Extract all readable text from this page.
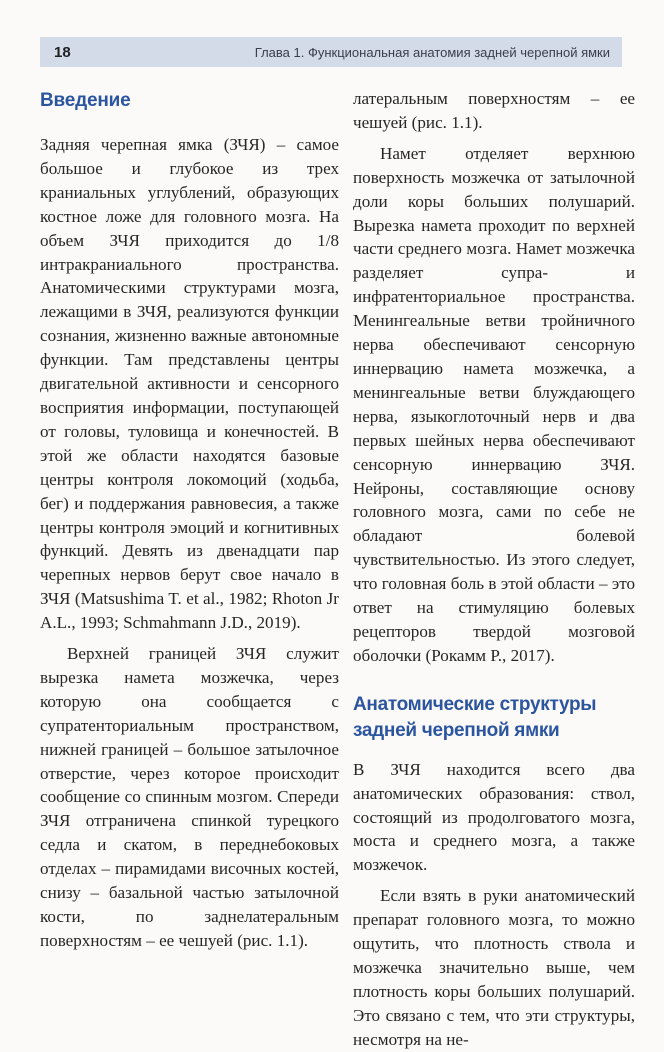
18	Глава 1. Функциональная анатомия задней черепной ямки
Введение

Задняя черепная ямка (ЗЧЯ) – самое большое и глубокое из трех краниальных углублений, образующих костное ложе для головного мозга. На объем ЗЧЯ приходится до 1/8 интракраниального пространства. Анатомическими структурами мозга, лежащими в ЗЧЯ, реализуются функции сознания, жизненно важные автономные функции. Там представлены центры двигательной активности и сенсорного восприятия информации, поступающей от головы, туловища и конечностей. В этой же области находятся базовые центры контроля локомоций (ходьба, бег) и поддержания равновесия, а также центры контроля эмоций и когнитивных функций. Девять из двенадцати пар черепных нервов берут свое начало в ЗЧЯ (Matsushima T. et al., 1982; Rhoton Jr A.L., 1993; Schmahmann J.D., 2019).

Верхней границей ЗЧЯ служит вырезка намета мозжечка, через которую она сообщается с супратенториальным пространством, нижней границей – большое затылочное отверстие, через которое происходит сообщение со спинным мозгом. Спереди ЗЧЯ отграничена спинкой турецкого седла и скатом, в переднебоковых отделах – пирамидами височных костей, снизу – базальной частью затылочной кости, по заднелатеральным поверхностям – ее чешуей (рис. 1.1).

латеральным поверхностям – ее чешуей (рис. 1.1).

Намет отделяет верхнюю поверхность мозжечка от затылочной доли коры больших полушарий. Вырезка намета проходит по верхней части среднего мозга. Намет мозжечка разделяет супра- и инфратенториальное пространства. Менингеальные ветви тройничного нерва обеспечивают сенсорную иннервацию намета мозжечка, а менингеальные ветви блуждающего нерва, языкоглоточный нерв и два первых шейных нерва обеспечивают сенсорную иннервацию ЗЧЯ. Нейроны, составляющие основу головного мозга, сами по себе не обладают болевой чувствительностью. Из этого следует, что головная боль в этой области – это ответ на стимуляцию болевых рецепторов твердой мозговой оболочки (Рокамм Р., 2017).

Анатомические структуры задней черепной ямки

В ЗЧЯ находится всего два анатомических образования: ствол, состоящий из продолговатого мозга, моста и среднего мозга, а также мозжечок.

Если взять в руки анатомический препарат головного мозга, то можно ощутить, что плотность ствола и мозжечка значительно выше, чем плотность коры больших полушарий. Это связано с тем, что эти структуры, несмотря на не-
